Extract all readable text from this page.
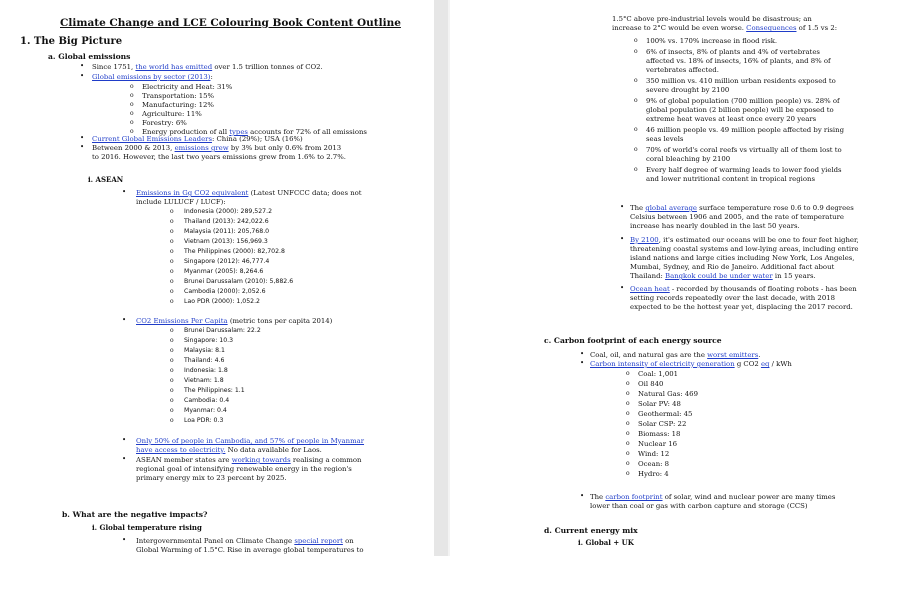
Climate Change and LCE Colouring Book Content Outline
1. The Big Picture
a. Global emissions
• Since 1751, the world has emitted over 1.5 trillion tonnes of CO2.
• Global emissions by sector (2013):
o Electricity and Heat: 31%
o Transportation: 15%
o Manufacturing: 12%
o Agriculture: 11%
o Forestry: 6%
o Energy production of all types accounts for 72% of all emissions
• Current Global Emissions Leaders: China (29%); USA (16%)
• Between 2000 & 2013, emissions grew by 3% but only 0.6% from 2013
to 2016. However, the last two years emissions grew from 1.6% to 2.7%.
i. ASEAN
• Emissions in Gg CO2 equivalent (Latest UNFCCC data; does not
include LULUCF / LUCF):
o Indonesia (2000): 289,527.2
o Thailand (2013): 242,022.6
o Malaysia (2011): 205,768.0
o Vietnam (2013): 156,969.3
o The Philippines (2000): 82,702.8
o Singapore (2012): 46,777.4
o Myanmar (2005): 8,264.6
o Brunei Darussalam (2010): 5,882.6
o Cambodia (2000): 2,052.6
o Lao PDR (2000): 1,052.2
• CO2 Emissions Per Capita (metric tons per capita 2014)
o Brunei Darussalam: 22.2
o Singapore: 10.3
o Malaysia: 8.1
o Thailand: 4.6
o Indonesia: 1.8
o Vietnam: 1.8
o The Philippines: 1.1
o Cambodia: 0.4
o Myanmar: 0.4
o Loa PDR: 0.3
• Only 50% of people in Cambodia, and 57% of people in Myanmar
have access to electricity. No data available for Laos.
• ASEAN member states are working towards realising a common
regional goal of intensifying renewable energy in the region's
primary energy mix to 23 percent by 2025.
b. What are the negative impacts?
i. Global temperature rising
• Intergovernmental Panel on Climate Change special report on
Global Warming of 1.5°C. Rise in average global temperatures to
1.5°C above pre-industrial levels would be disastrous; an
increase to 2°C would be even worse. Consequences of 1.5 vs 2:
o 100% vs. 170% increase in flood risk.
o 6% of insects, 8% of plants and 4% of vertebrates
affected vs. 18% of insects, 16% of plants, and 8% of
vertebrates affected.
o 350 million vs. 410 million urban residents exposed to
severe drought by 2100
o 9% of global population (700 million people) vs. 28% of
global population (2 billion people) will be exposed to
extreme heat waves at least once every 20 years
o 46 million people vs. 49 million people affected by rising
seas levels
o 70% of world's coral reefs vs virtually all of them lost to
coral bleaching by 2100
o Every half degree of warming leads to lower food yields
and lower nutritional content in tropical regions
• The global average surface temperature rose 0.6 to 0.9 degrees
Celsius between 1906 and 2005, and the rate of temperature
increase has nearly doubled in the last 50 years.
• By 2100, it's estimated our oceans will be one to four feet higher,
threatening coastal systems and low-lying areas, including entire
island nations and large cities including New York, Los Angeles,
Mumbai, Sydney, and Rio de Janeiro. Additional fact about
Thailand: Bangkok could be under water in 15 years.
• Ocean heat - recorded by thousands of floating robots - has been
setting records repeatedly over the last decade, with 2018
expected to be the hottest year yet, displacing the 2017 record.
c. Carbon footprint of each energy source
• Coal, oil, and natural gas are the worst emitters.
• Carbon intensity of electricity generation g CO2 eq / kWh
o Coal: 1,001
o Oil 840
o Natural Gas: 469
o Solar PV: 48
o Geothermal: 45
o Solar CSP: 22
o Biomass: 18
o Nuclear 16
o Wind: 12
o Ocean: 8
o Hydro: 4
• The carbon footprint of solar, wind and nuclear power are many times
lower than coal or gas with carbon capture and storage (CCS)
d. Current energy mix
i. Global + UK
